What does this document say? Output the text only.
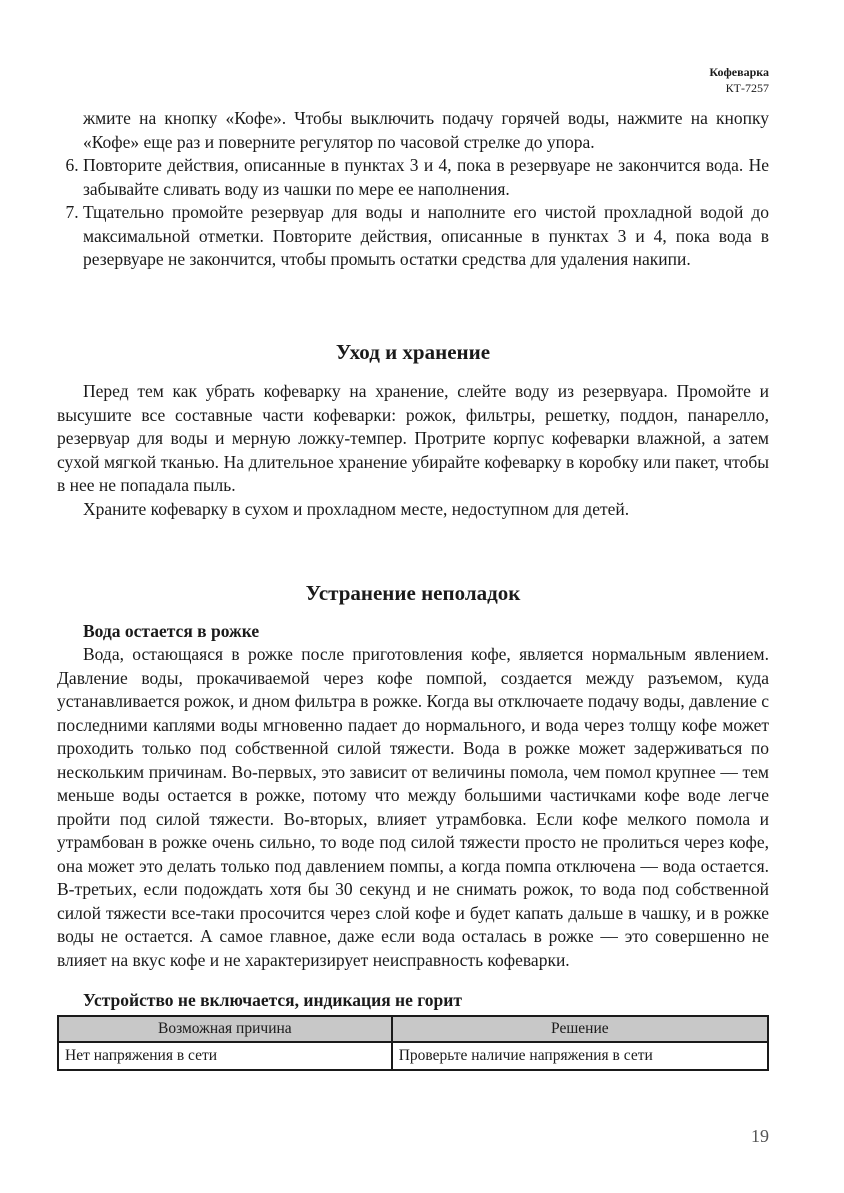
Кофеварка
КТ-7257
жмите на кнопку «Кофе». Чтобы выключить подачу горячей воды, нажмите на кнопку «Кофе» еще раз и поверните регулятор по часовой стрелке до упора.
6. Повторите действия, описанные в пунктах 3 и 4, пока в резервуаре не закончится вода. Не забывайте сливать воду из чашки по мере ее наполнения.
7. Тщательно промойте резервуар для воды и наполните его чистой прохладной водой до максимальной отметки. Повторите действия, описанные в пунктах 3 и 4, пока вода в резервуаре не закончится, чтобы промыть остатки средства для удаления накипи.
Уход и хранение

Перед тем как убрать кофеварку на хранение, слейте воду из резервуара. Промойте и высушите все составные части кофеварки: рожок, фильтры, решетку, поддон, панарелло, резервуар для воды и мерную ложку-темпер. Протрите корпус кофеварки влажной, а затем сухой мягкой тканью. На длительное хранение убирайте кофеварку в коробку или пакет, чтобы в нее не попадала пыль.

Храните кофеварку в сухом и прохладном месте, недоступном для детей.

Устранение неполадок

Вода остается в рожке

Вода, остающаяся в рожке после приготовления кофе, является нормальным явлением. Давление воды, прокачиваемой через кофе помпой, создается между разъемом, куда устанавливается рожок, и дном фильтра в рожке. Когда вы отключаете подачу воды, давление с последними каплями воды мгновенно падает до нормального, и вода через толщу кофе может проходить только под собственной силой тяжести. Вода в рожке может задерживаться по нескольким причинам. Во-первых, это зависит от величины помола, чем помол крупнее — тем меньше воды остается в рожке, потому что между большими частичками кофе воде легче пройти под силой тяжести. Во-вторых, влияет утрамбовка. Если кофе мелкого помола и утрамбован в рожке очень сильно, то воде под силой тяжести просто не пролиться через кофе, она может это делать только под давлением помпы, а когда помпа отключена — вода остается. В-третьих, если подождать хотя бы 30 секунд и не снимать рожок, то вода под собственной силой тяжести все-таки просочится через слой кофе и будет капать дальше в чашку, и в рожке воды не остается. А самое главное, даже если вода осталась в рожке — это совершенно не влияет на вкус кофе и не характеризирует неисправность кофеварки.

Устройство не включается, индикация не горит

Возможная причина	Решение
Нет напряжения в сети	Проверьте наличие напряжения в сети
19
